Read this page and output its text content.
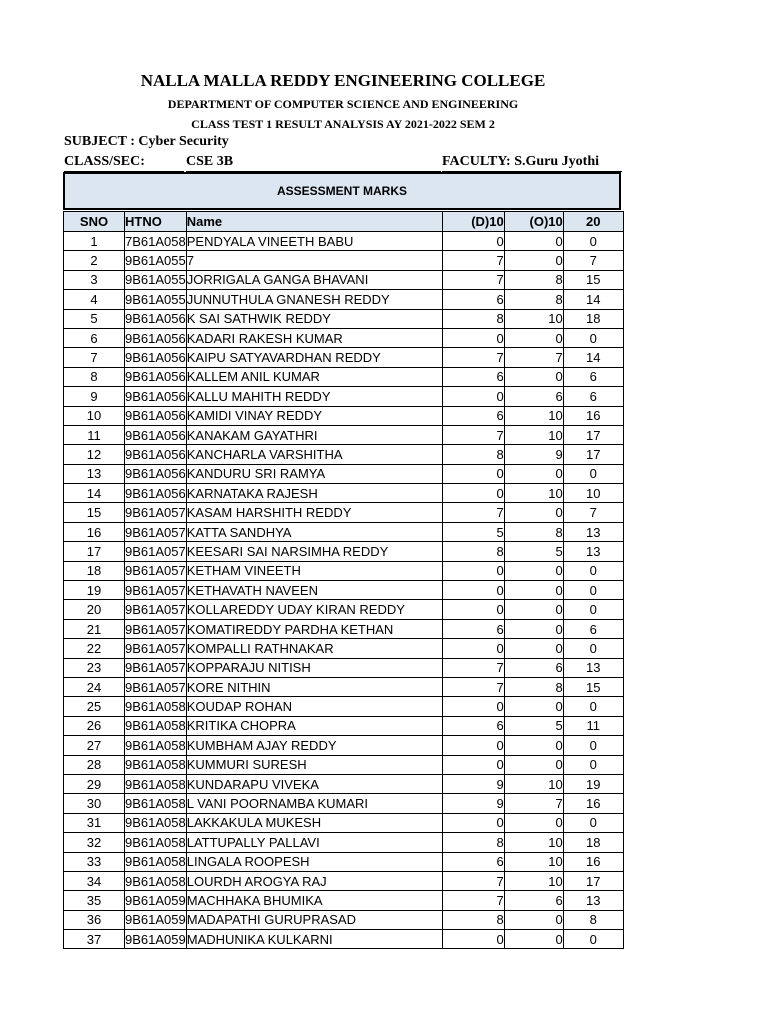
NALLA MALLA REDDY ENGINEERING COLLEGE
DEPARTMENT OF COMPUTER SCIENCE AND ENGINEERING
CLASS TEST 1 RESULT ANALYSIS AY 2021-2022 SEM 2
SUBJECT : Cyber Security
CLASS/SEC:	CSE 3B	FACULTY: S.Guru Jyothi
ASSESSMENT MARKS
SNO	HTNO	Name	(D)10	(O)10	20
1	7B61A058	PENDYALA VINEETH BABU	0	0	0
2	9B61A055	7	7	0	7
3	9B61A055	JORRIGALA GANGA BHAVANI	7	8	15
4	9B61A055	JUNNUTHULA GNANESH REDDY	6	8	14
5	9B61A056	K SAI SATHWIK REDDY	8	10	18
6	9B61A056	KADARI RAKESH KUMAR	0	0	0
7	9B61A056	KAIPU SATYAVARDHAN REDDY	7	7	14
8	9B61A056	KALLEM ANIL KUMAR	6	0	6
9	9B61A056	KALLU MAHITH REDDY	0	6	6
10	9B61A056	KAMIDI VINAY REDDY	6	10	16
11	9B61A056	KANAKAM GAYATHRI	7	10	17
12	9B61A056	KANCHARLA VARSHITHA	8	9	17
13	9B61A056	KANDURU SRI RAMYA	0	0	0
14	9B61A056	KARNATAKA RAJESH	0	10	10
15	9B61A057	KASAM HARSHITH REDDY	7	0	7
16	9B61A057	KATTA SANDHYA	5	8	13
17	9B61A057	KEESARI SAI NARSIMHA REDDY	8	5	13
18	9B61A057	KETHAM VINEETH	0	0	0
19	9B61A057	KETHAVATH NAVEEN	0	0	0
20	9B61A057	KOLLAREDDY UDAY KIRAN REDDY	0	0	0
21	9B61A057	KOMATIREDDY PARDHA KETHAN	6	0	6
22	9B61A057	KOMPALLI RATHNAKAR	0	0	0
23	9B61A057	KOPPARAJU NITISH	7	6	13
24	9B61A057	KORE NITHIN	7	8	15
25	9B61A058	KOUDAP ROHAN	0	0	0
26	9B61A058	KRITIKA CHOPRA	6	5	11
27	9B61A058	KUMBHAM AJAY REDDY	0	0	0
28	9B61A058	KUMMURI SURESH	0	0	0
29	9B61A058	KUNDARAPU VIVEKA	9	10	19
30	9B61A058	L VANI POORNAMBA KUMARI	9	7	16
31	9B61A058	LAKKAKULA MUKESH	0	0	0
32	9B61A058	LATTUPALLY PALLAVI	8	10	18
33	9B61A058	LINGALA ROOPESH	6	10	16
34	9B61A058	LOURDH AROGYA RAJ	7	10	17
35	9B61A059	MACHHAKA BHUMIKA	7	6	13
36	9B61A059	MADAPATHI GURUPRASAD	8	0	8
37	9B61A059	MADHUNIKA KULKARNI	0	0	0
